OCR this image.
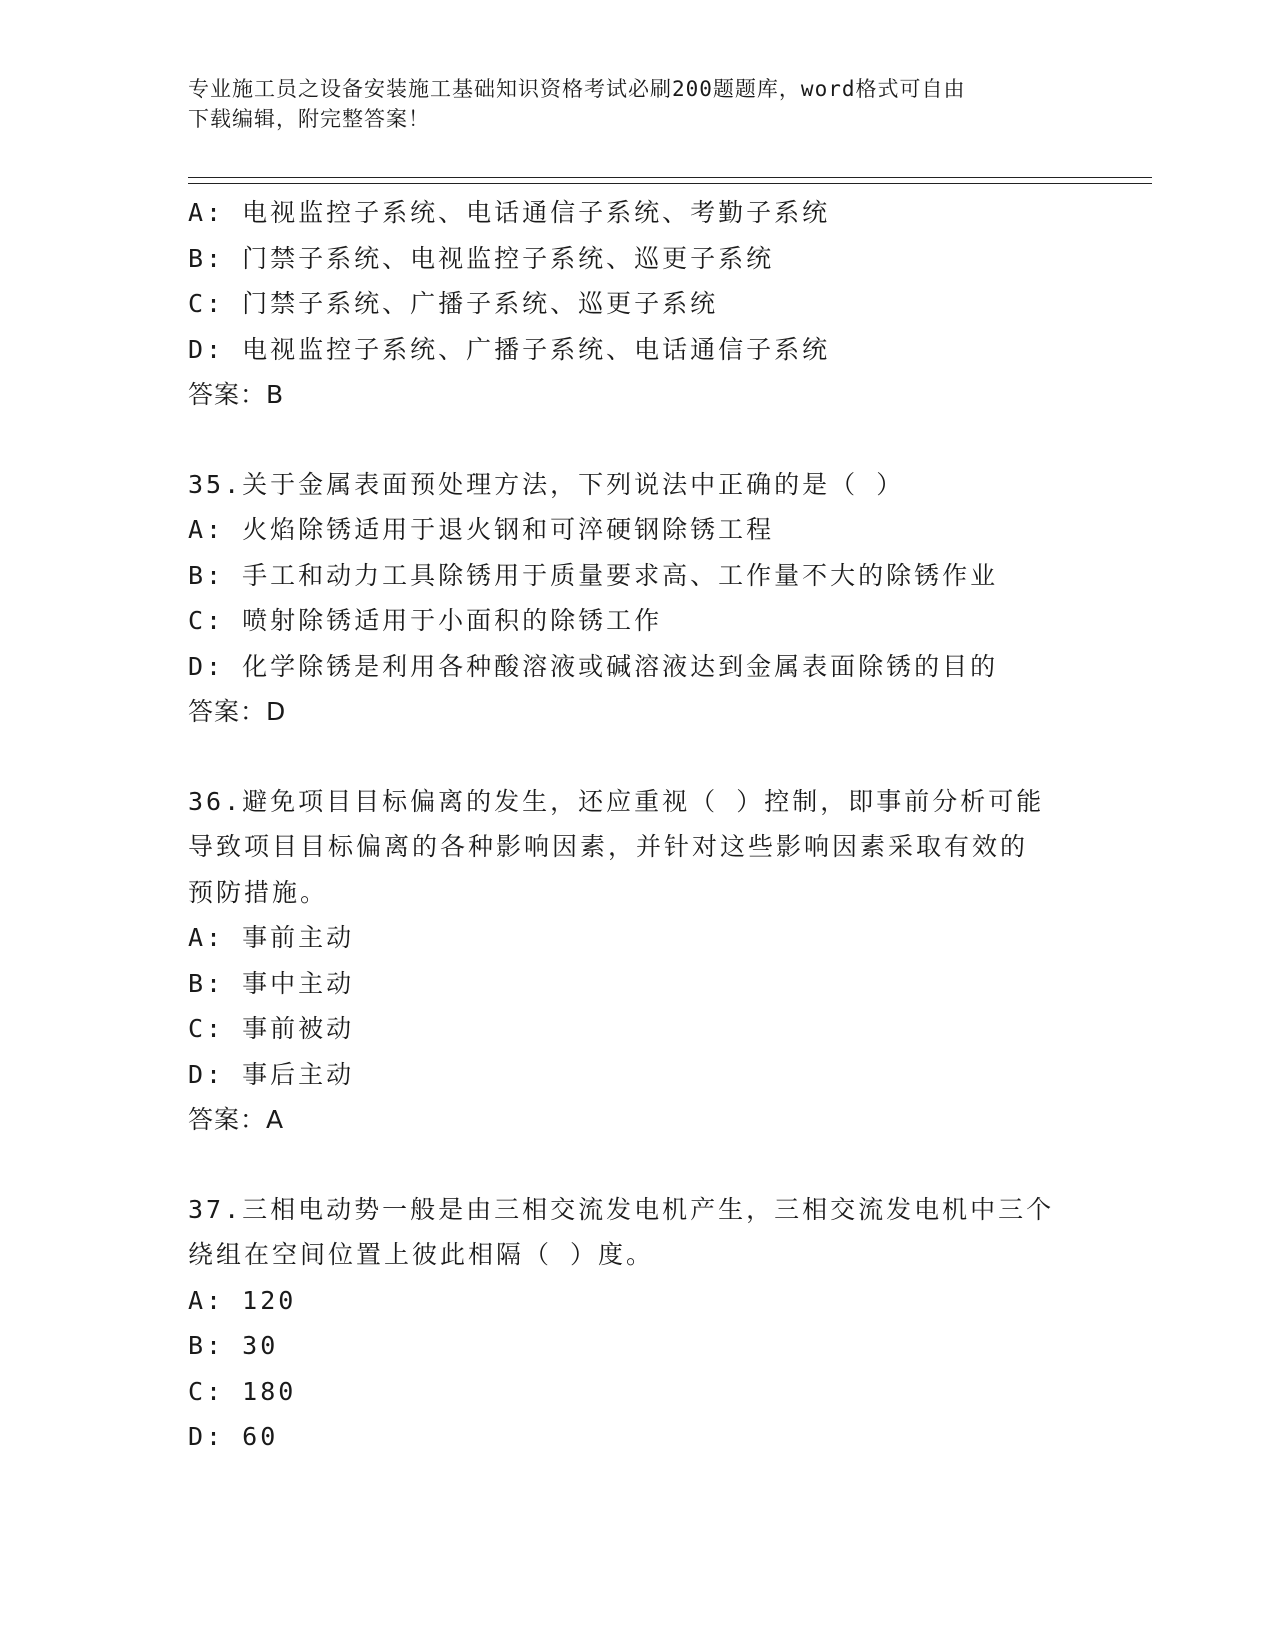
专业施工员之设备安装施工基础知识资格考试必刷200题题库，word格式可自由
下载编辑，附完整答案！
A: 电视监控子系统、电话通信子系统、考勤子系统
B: 门禁子系统、电视监控子系统、巡更子系统
C: 门禁子系统、广播子系统、巡更子系统
D: 电视监控子系统、广播子系统、电话通信子系统
答案：B
35.关于金属表面预处理方法，下列说法中正确的是（ ）
A: 火焰除锈适用于退火钢和可淬硬钢除锈工程
B: 手工和动力工具除锈用于质量要求高、工作量不大的除锈作业
C: 喷射除锈适用于小面积的除锈工作
D: 化学除锈是利用各种酸溶液或碱溶液达到金属表面除锈的目的
答案：D
36.避免项目目标偏离的发生，还应重视（ ）控制，即事前分析可能
导致项目目标偏离的各种影响因素，并针对这些影响因素采取有效的
预防措施。
A: 事前主动
B: 事中主动
C: 事前被动
D: 事后主动
答案：A
37.三相电动势一般是由三相交流发电机产生，三相交流发电机中三个
绕组在空间位置上彼此相隔（ ）度。
A: 120
B: 30
C: 180
D: 60
